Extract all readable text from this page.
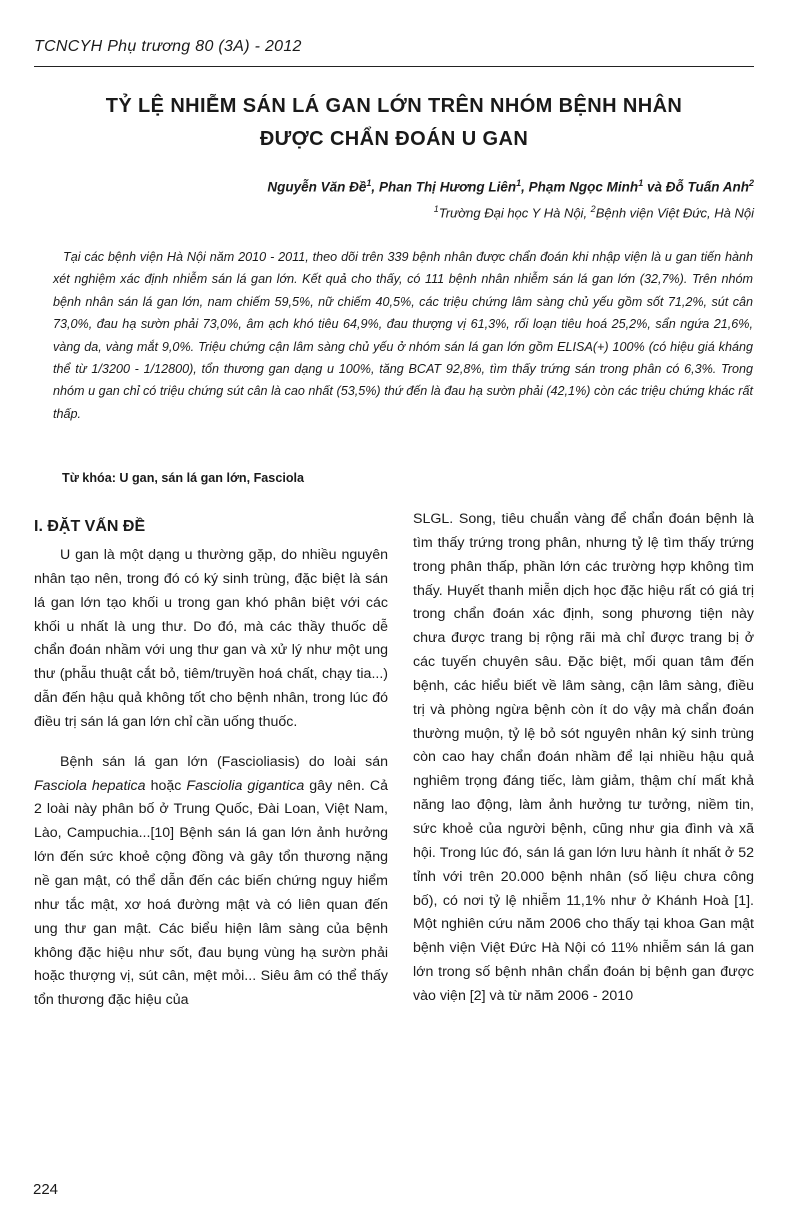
TCNCYH Phụ trương 80 (3A) - 2012
TỶ LỆ NHIỄM SÁN LÁ GAN LỚN TRÊN NHÓM BỆNH NHÂN
ĐƯỢC CHẨN ĐOÁN U GAN
Nguyễn Văn Đề$^1$, Phan Thị Hương Liên$^1$, Phạm Ngọc Minh$^1$ và Đỗ Tuấn Anh$^2$
$^1$Trường Đại học Y Hà Nội, $^2$Bệnh viện Việt Đức, Hà Nội

Tại các bệnh viện Hà Nội năm 2010 - 2011, theo dõi trên 339 bệnh nhân được chẩn đoán khi nhập viện là u gan tiến hành xét nghiệm xác định nhiễm sán lá gan lớn. Kết quả cho thấy, có 111 bệnh nhân nhiễm sán lá gan lớn (32,7%). Trên nhóm bệnh nhân sán lá gan lớn, nam chiếm 59,5%, nữ chiếm 40,5%, các triệu chứng lâm sàng chủ yếu gồm sốt 71,2%, sút cân 73,0%, đau hạ sườn phải 73,0%, âm ạch khó tiêu 64,9%, đau thượng vị 61,3%, rối loạn tiêu hoá 25,2%, sẩn ngứa 21,6%, vàng da, vàng mắt 9,0%. Triệu chứng cận lâm sàng chủ yếu ở nhóm sán lá gan lớn gồm ELISA(+) 100% (có hiệu giá kháng thể từ 1/3200 - 1/12800), tổn thương gan dạng u 100%, tăng BCAT 92,8%, tìm thấy trứng sán trong phân có 6,3%. Trong nhóm u gan chỉ có triệu chứng sút cân là cao nhất (53,5%) thứ đến là đau hạ sườn phải (42,1%) còn các triệu chứng khác rất thấp.

Từ khóa: U gan, sán lá gan lớn, Fasciola
I. ĐẶT VẤN ĐỀ

U gan là một dạng u thường gặp, do nhiều nguyên nhân tạo nên, trong đó có ký sinh trùng, đặc biệt là sán lá gan lớn tạo khối u trong gan khó phân biệt với các khối u nhất là ung thư. Do đó, mà các thầy thuốc dễ chẩn đoán nhầm với ung thư gan và xử lý như một ung thư (phẫu thuật cắt bỏ, tiêm/truyền hoá chất, chạy tia...) dẫn đến hậu quả không tốt cho bệnh nhân, trong lúc đó điều trị sán lá gan lớn chỉ cần uống thuốc.

Bệnh sán lá gan lớn (Fascioliasis) do loài sán Fasciola hepatica hoặc Fasciolia gigantica gây nên. Cả 2 loài này phân bố ở Trung Quốc, Đài Loan, Việt Nam, Lào, Campuchia...[10] Bệnh sán lá gan lớn ảnh hưởng lớn đến sức khoẻ cộng đồng và gây tổn thương nặng nề gan mật, có thể dẫn đến các biến chứng nguy hiểm như tắc mật, xơ hoá đường mật và có liên quan đến ung thư gan mật. Các biểu hiện lâm sàng của bệnh không đặc hiệu như sốt, đau bụng vùng hạ sườn phải hoặc thượng vị, sút cân, mệt mỏi... Siêu âm có thể thấy tổn thương đặc hiệu của

SLGL. Song, tiêu chuẩn vàng để chẩn đoán bệnh là tìm thấy trứng trong phân, nhưng tỷ lệ tìm thấy trứng trong phân thấp, phần lớn các trường hợp không tìm thấy. Huyết thanh miễn dịch học đặc hiệu rất có giá trị trong chẩn đoán xác định, song phương tiện này chưa được trang bị rộng rãi mà chỉ được trang bị ở các tuyến chuyên sâu. Đặc biệt, mối quan tâm đến bệnh, các hiểu biết về lâm sàng, cận lâm sàng, điều trị và phòng ngừa bệnh còn ít do vậy mà chẩn đoán thường muộn, tỷ lệ bỏ sót nguyên nhân ký sinh trùng còn cao hay chẩn đoán nhầm để lại nhiều hậu quả nghiêm trọng đáng tiếc, làm giảm, thậm chí mất khả năng lao động, làm ảnh hưởng tư tưởng, niềm tin, sức khoẻ của người bệnh, cũng như gia đình và xã hội. Trong lúc đó, sán lá gan lớn lưu hành ít nhất ở 52 tỉnh với trên 20.000 bệnh nhân (số liệu chưa công bố), có nơi tỷ lệ nhiễm 11,1% như ở Khánh Hoà [1]. Một nghiên cứu năm 2006 cho thấy tại khoa Gan mật bệnh viện Việt Đức Hà Nội có 11% nhiễm sán lá gan lớn trong số bệnh nhân chẩn đoán bị bệnh gan được vào viện [2] và từ năm 2006 - 2010

224
